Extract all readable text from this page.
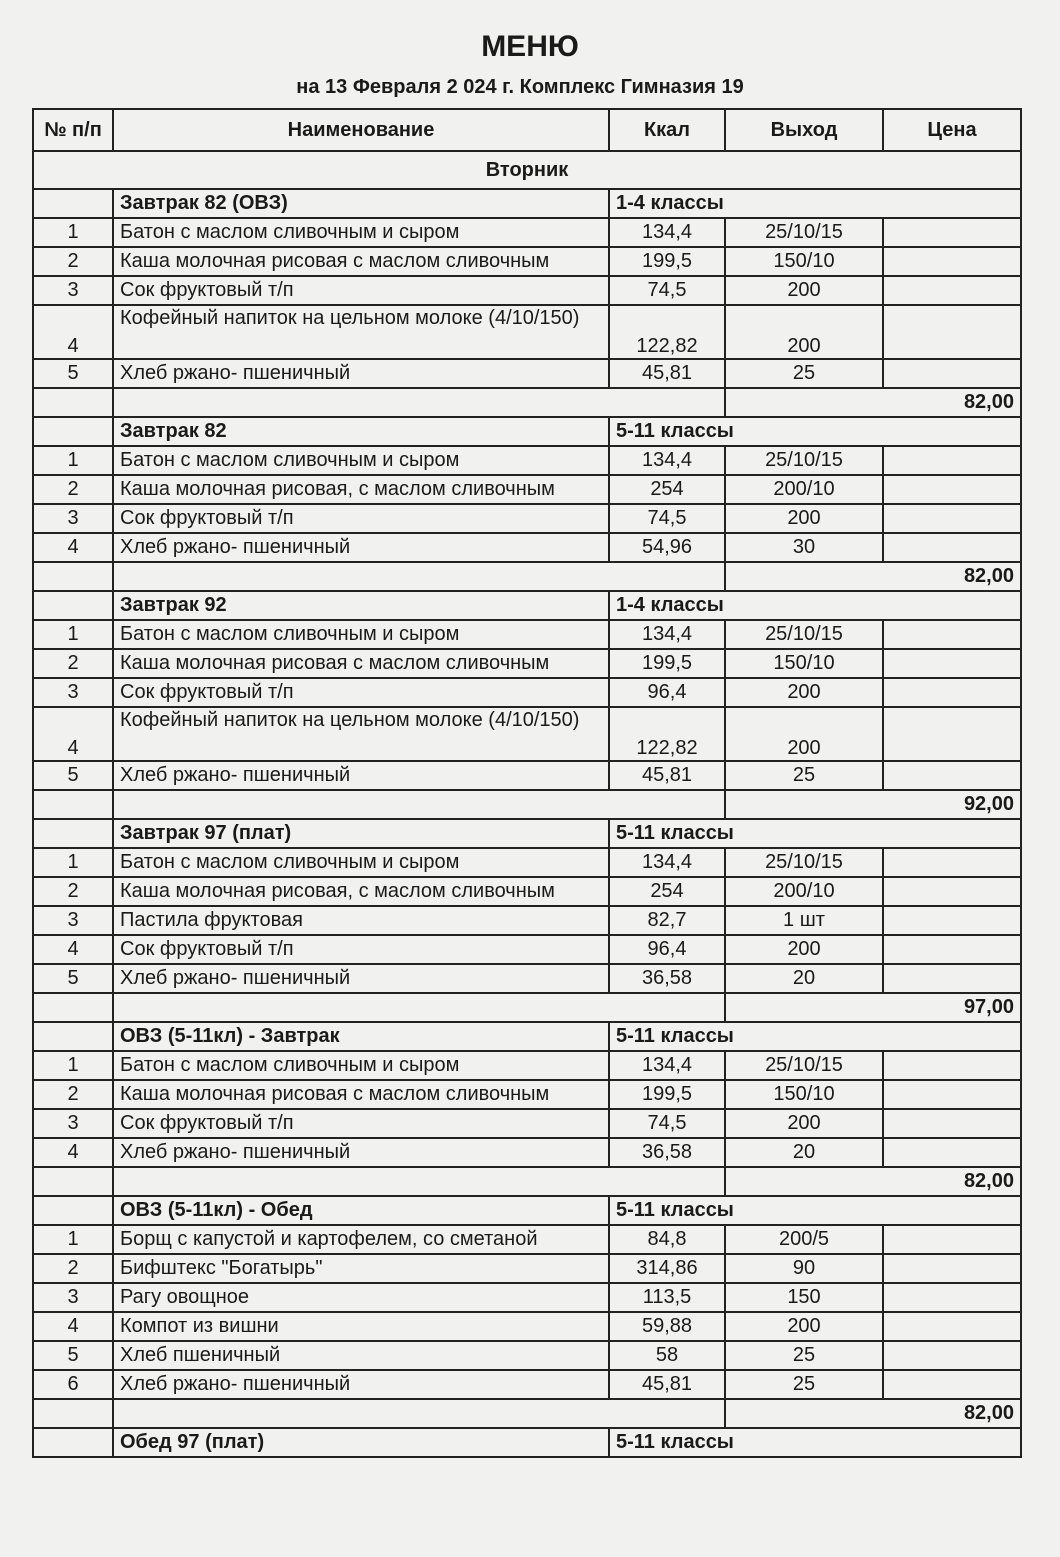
МЕНЮ
на 13 Февраля 2 024 г. Комплекс Гимназия 19
№ п/п	Наименование	Ккал	Выход	Цена
Вторник				
	Завтрак 82 (ОВЗ)	1-4 классы		
1	Батон с маслом сливочным и сыром	134,4	25/10/15	
2	Каша молочная рисовая с маслом сливочным	199,5	150/10	
3	Сок фруктовый т/п	74,5	200	
4	Кофейный напиток на цельном молоке (4/10/150)	122,82	200	
5	Хлеб ржано- пшеничный	45,81	25	
			82,00	
	Завтрак 82	5-11 классы		
1	Батон с маслом сливочным и сыром	134,4	25/10/15	
2	Каша молочная рисовая, с маслом сливочным	254	200/10	
3	Сок фруктовый т/п	74,5	200	
4	Хлеб ржано- пшеничный	54,96	30	
			82,00	
	Завтрак 92	1-4 классы		
1	Батон с маслом сливочным и сыром	134,4	25/10/15	
2	Каша молочная рисовая с маслом сливочным	199,5	150/10	
3	Сок фруктовый т/п	96,4	200	
4	Кофейный напиток на цельном молоке (4/10/150)	122,82	200	
5	Хлеб ржано- пшеничный	45,81	25	
			92,00	
	Завтрак 97 (плат)	5-11 классы		
1	Батон с маслом сливочным и сыром	134,4	25/10/15	
2	Каша молочная рисовая, с маслом сливочным	254	200/10	
3	Пастила фруктовая	82,7	1 шт	
4	Сок фруктовый т/п	96,4	200	
5	Хлеб ржано- пшеничный	36,58	20	
			97,00	
	ОВЗ (5-11кл) - Завтрак	5-11 классы		
1	Батон с маслом сливочным и сыром	134,4	25/10/15	
2	Каша молочная рисовая с маслом сливочным	199,5	150/10	
3	Сок фруктовый т/п	74,5	200	
4	Хлеб ржано- пшеничный	36,58	20	
			82,00	
	ОВЗ (5-11кл) - Обед	5-11 классы		
1	Борщ с капустой и картофелем, со сметаной	84,8	200/5	
2	Бифштекс "Богатырь"	314,86	90	
3	Рагу овощное	113,5	150	
4	Компот из вишни	59,88	200	
5	Хлеб пшеничный	58	25	
6	Хлеб ржано- пшеничный	45,81	25	
			82,00	
	Обед 97 (плат)	5-11 классы		
